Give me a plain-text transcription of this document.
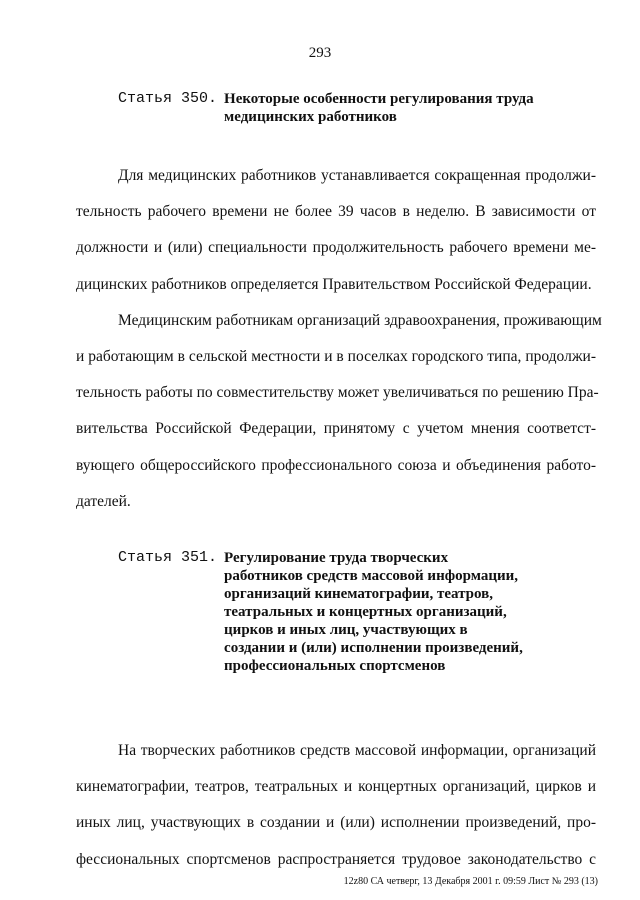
293
Статья 350. Некоторые особенности регулирования труда
медицинских работников
Для медицинских работников устанавливается сокращенная продолжи-
тельность рабочего времени не более 39 часов в неделю. В зависимости от
должности и (или) специальности продолжительность рабочего времени ме-
дицинских работников определяется Правительством Российской Федерации.
Медицинским работникам организаций здравоохранения, проживающим
и работающим в сельской местности и в поселках городского типа, продолжи-
тельность работы по совместительству может увеличиваться по решению Пра-
вительства Российской Федерации, принятому с учетом мнения соответст-
вующего общероссийского профессионального союза и объединения работо-
дателей.
Статья 351. Регулирование труда творческих
работников средств массовой информации,
организаций кинематографии, театров,
театральных и концертных организаций,
цирков и иных лиц, участвующих в
создании и (или) исполнении произведений,
профессиональных спортсменов
На творческих работников средств массовой информации, организаций
кинематографии, театров, театральных и концертных организаций, цирков и
иных лиц, участвующих в создании и (или) исполнении произведений, про-
фессиональных спортсменов распространяется трудовое законодательство с
12z80 СА четверг, 13 Декабря 2001 г. 09:59 Лист № 293 (13)
